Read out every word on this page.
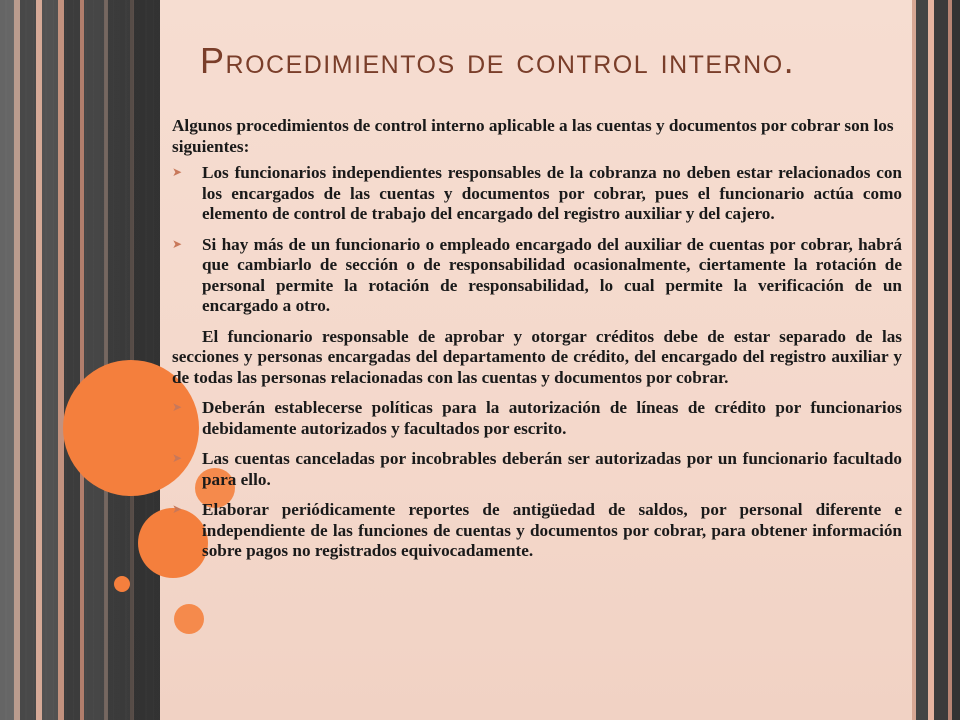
Procedimientos de control interno.

Algunos procedimientos de control interno aplicable a las cuentas y documentos por cobrar son los siguientes:

➤ Los funcionarios independientes responsables de la cobranza no deben estar relacionados con los encargados de las cuentas y documentos por cobrar, pues el funcionario actúa como elemento de control de trabajo del encargado del registro auxiliar y del cajero.
➤ Si hay más de un funcionario o empleado encargado del auxiliar de cuentas por cobrar, habrá que cambiarlo de sección o de responsabilidad ocasionalmente, ciertamente la rotación de personal permite la rotación de responsabilidad, lo cual permite la verificación de un encargado a otro.

El funcionario responsable de aprobar y otorgar créditos debe de estar separado de las secciones y personas encargadas del departamento de crédito, del encargado del registro auxiliar y de todas las personas relacionadas con las cuentas y documentos por cobrar.

➤ Deberán establecerse políticas para la autorización de líneas de crédito por funcionarios debidamente autorizados y facultados por escrito.
➤ Las cuentas canceladas por incobrables deberán ser autorizadas por un funcionario facultado para ello.
➤ Elaborar periódicamente reportes de antigüedad de saldos, por personal diferente e independiente de las funciones de cuentas y documentos por cobrar, para obtener información sobre pagos no registrados equivocadamente.
